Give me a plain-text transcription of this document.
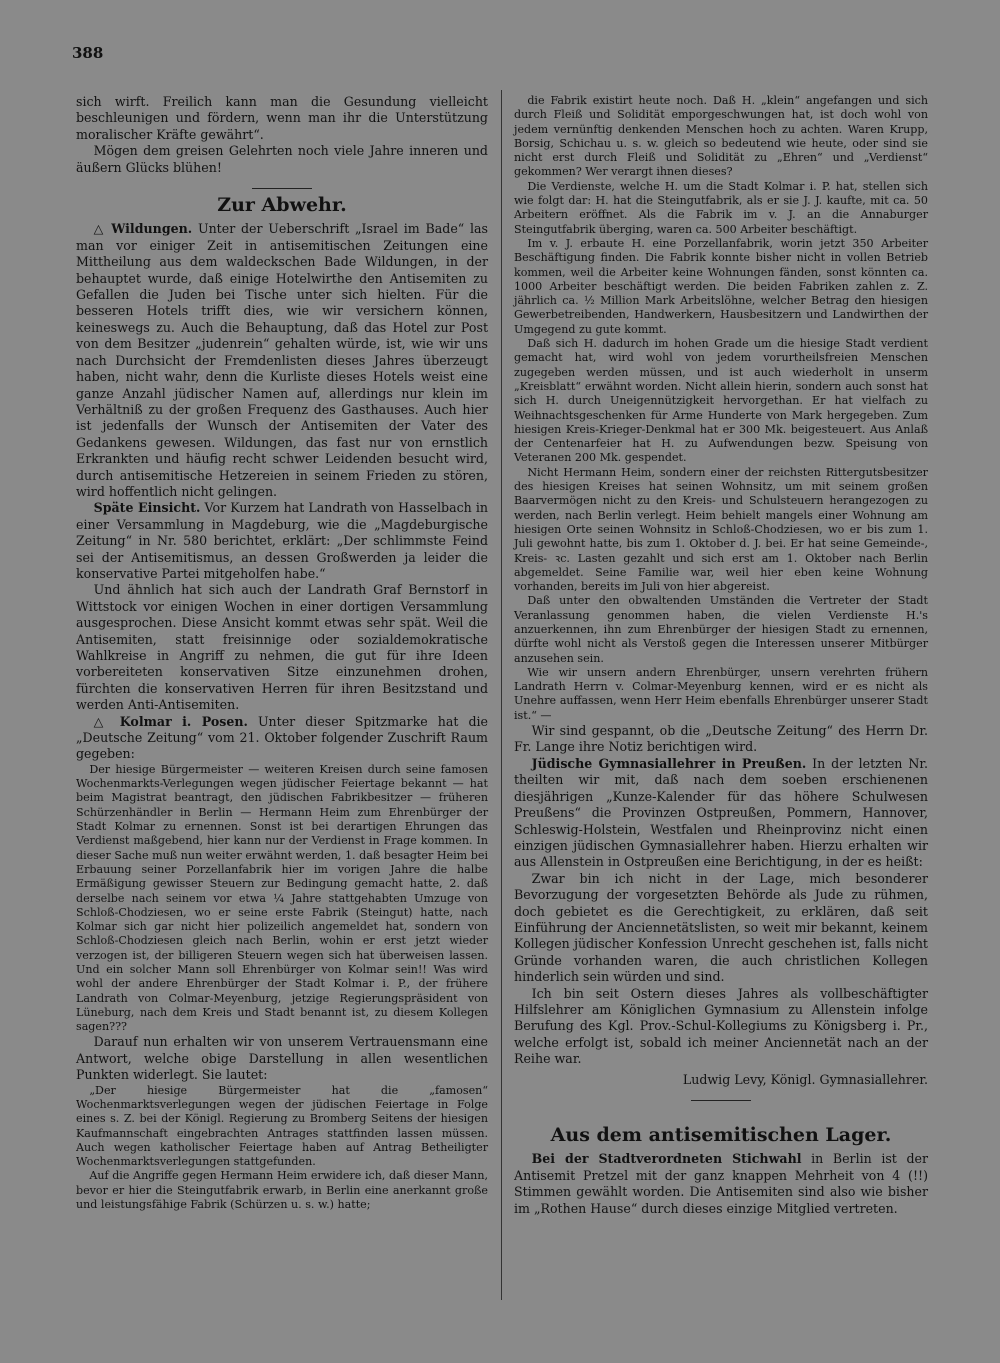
388

sich wirft. Freilich kann man die Gesundung vielleicht beschleunigen und fördern, wenn man ihr die Unterstützung moralischer Kräfte gewährt“.

Mögen dem greisen Gelehrten noch viele Jahre inneren und äußern Glücks blühen!

Zur Abwehr.

△ Wildungen. Unter der Ueberschrift „Israel im Bade“ las man vor einiger Zeit in antisemitischen Zeitungen eine Mittheilung aus dem waldeckschen Bade Wildungen, in der behauptet wurde, daß einige Hotelwirthe den Antisemiten zu Gefallen die Juden bei Tische unter sich hielten. Für die besseren Hotels trifft dies, wie wir versichern können, keineswegs zu. Auch die Behauptung, daß das Hotel zur Post von dem Besitzer „judenrein“ gehalten würde, ist, wie wir uns nach Durchsicht der Fremdenlisten dieses Jahres überzeugt haben, nicht wahr, denn die Kurliste dieses Hotels weist eine ganze Anzahl jüdischer Namen auf, allerdings nur klein im Verhältniß zu der großen Frequenz des Gasthauses. Auch hier ist jedenfalls der Wunsch der Antisemiten der Vater des Gedankens gewesen. Wildungen, das fast nur von ernstlich Erkrankten und häufig recht schwer Leidenden besucht wird, durch antisemitische Hetzereien in seinem Frieden zu stören, wird hoffentlich nicht gelingen.

Späte Einsicht. Vor Kurzem hat Landrath von Hasselbach in einer Versammlung in Magdeburg, wie die „Magdeburgische Zeitung“ in Nr. 580 berichtet, erklärt: „Der schlimmste Feind sei der Antisemitismus, an dessen Großwerden ja leider die konservative Partei mitgeholfen habe.“

Und ähnlich hat sich auch der Landrath Graf Bernstorf in Wittstock vor einigen Wochen in einer dortigen Versammlung ausgesprochen. Diese Ansicht kommt etwas sehr spät. Weil die Antisemiten, statt freisinnige oder sozialdemokratische Wahlkreise in Angriff zu nehmen, die gut für ihre Ideen vorbereiteten konservativen Sitze einzunehmen drohen, fürchten die konservativen Herren für ihren Besitzstand und werden Anti-Antisemiten.

△ Kolmar i. Posen. Unter dieser Spitzmarke hat die „Deutsche Zeitung“ vom 21. Oktober folgender Zuschrift Raum gegeben:

Der hiesige Bürgermeister — weiteren Kreisen durch seine famosen Wochenmarkts-Verlegungen wegen jüdischer Feiertage bekannt — hat beim Magistrat beantragt, den jüdischen Fabrikbesitzer — früheren Schürzenhändler in Berlin — Hermann Heim zum Ehrenbürger der Stadt Kolmar zu ernennen. Sonst ist bei derartigen Ehrungen das Verdienst maßgebend, hier kann nur der Verdienst in Frage kommen. In dieser Sache muß nun weiter erwähnt werden, 1. daß besagter Heim bei Erbauung seiner Porzellanfabrik hier im vorigen Jahre die halbe Ermäßigung gewisser Steuern zur Bedingung gemacht hatte, 2. daß derselbe nach seinem vor etwa ¼ Jahre stattgehabten Umzuge von Schloß-Chodziesen, wo er seine erste Fabrik (Steingut) hatte, nach Kolmar sich gar nicht hier polizeilich angemeldet hat, sondern von Schloß-Chodziesen gleich nach Berlin, wohin er erst jetzt wieder verzogen ist, der billigeren Steuern wegen sich hat überweisen lassen. Und ein solcher Mann soll Ehrenbürger von Kolmar sein!! Was wird wohl der andere Ehrenbürger der Stadt Kolmar i. P., der frühere Landrath von Colmar-Meyenburg, jetzige Regierungspräsident von Lüneburg, nach dem Kreis und Stadt benannt ist, zu diesem Kollegen sagen???

Darauf nun erhalten wir von unserem Vertrauensmann eine Antwort, welche obige Darstellung in allen wesentlichen Punkten widerlegt. Sie lautet:

„Der hiesige Bürgermeister hat die „famosen“ Wochenmarktsverlegungen wegen der jüdischen Feiertage in Folge eines s. Z. bei der Königl. Regierung zu Bromberg Seitens der hiesigen Kaufmannschaft eingebrachten Antrages stattfinden lassen müssen. Auch wegen katholischer Feiertage haben auf Antrag Betheiligter Wochenmarktsverlegungen stattgefunden.

Auf die Angriffe gegen Hermann Heim erwidere ich, daß dieser Mann, bevor er hier die Steingutfabrik erwarb, in Berlin eine anerkannt große und leistungsfähige Fabrik (Schürzen u. s. w.) hatte;

die Fabrik existirt heute noch. Daß H. „klein“ angefangen und sich durch Fleiß und Solidität emporgeschwungen hat, ist doch wohl von jedem vernünftig denkenden Menschen hoch zu achten. Waren Krupp, Borsig, Schichau u. s. w. gleich so bedeutend wie heute, oder sind sie nicht erst durch Fleiß und Solidität zu „Ehren“ und „Verdienst“ gekommen? Wer verargt ihnen dieses?

Die Verdienste, welche H. um die Stadt Kolmar i. P. hat, stellen sich wie folgt dar: H. hat die Steingutfabrik, als er sie J. J. kaufte, mit ca. 50 Arbeitern eröffnet. Als die Fabrik im v. J. an die Annaburger Steingutfabrik überging, waren ca. 500 Arbeiter beschäftigt.

Im v. J. erbaute H. eine Porzellanfabrik, worin jetzt 350 Arbeiter Beschäftigung finden. Die Fabrik konnte bisher nicht in vollen Betrieb kommen, weil die Arbeiter keine Wohnungen fänden, sonst könnten ca. 1000 Arbeiter beschäftigt werden. Die beiden Fabriken zahlen z. Z. jährlich ca. ½ Million Mark Arbeitslöhne, welcher Betrag den hiesigen Gewerbetreibenden, Handwerkern, Hausbesitzern und Landwirthen der Umgegend zu gute kommt.

Daß sich H. dadurch im hohen Grade um die hiesige Stadt verdient gemacht hat, wird wohl von jedem vorurtheilsfreien Menschen zugegeben werden müssen, und ist auch wiederholt in unserm „Kreisblatt“ erwähnt worden. Nicht allein hierin, sondern auch sonst hat sich H. durch Uneigennützigkeit hervorgethan. Er hat vielfach zu Weihnachtsgeschenken für Arme Hunderte von Mark hergegeben. Zum hiesigen Kreis-Krieger-Denkmal hat er 300 Mk. beigesteuert. Aus Anlaß der Centenarfeier hat H. zu Aufwendungen bezw. Speisung von Veteranen 200 Mk. gespendet.

Nicht Hermann Heim, sondern einer der reichsten Rittergutsbesitzer des hiesigen Kreises hat seinen Wohnsitz, um mit seinem großen Baarvermögen nicht zu den Kreis- und Schulsteuern herangezogen zu werden, nach Berlin verlegt. Heim behielt mangels einer Wohnung am hiesigen Orte seinen Wohnsitz in Schloß-Chodziesen, wo er bis zum 1. Juli gewohnt hatte, bis zum 1. Oktober d. J. bei. Er hat seine Gemeinde-, Kreis- ꝛc. Lasten gezahlt und sich erst am 1. Oktober nach Berlin abgemeldet. Seine Familie war, weil hier eben keine Wohnung vorhanden, bereits im Juli von hier abgereist.

Daß unter den obwaltenden Umständen die Vertreter der Stadt Veranlassung genommen haben, die vielen Verdienste H.'s anzuerkennen, ihn zum Ehrenbürger der hiesigen Stadt zu ernennen, dürfte wohl nicht als Verstoß gegen die Interessen unserer Mitbürger anzusehen sein.

Wie wir unsern andern Ehrenbürger, unsern verehrten frühern Landrath Herrn v. Colmar-Meyenburg kennen, wird er es nicht als Unehre auffassen, wenn Herr Heim ebenfalls Ehrenbürger unserer Stadt ist.“ —

Wir sind gespannt, ob die „Deutsche Zeitung“ des Herrn Dr. Fr. Lange ihre Notiz berichtigen wird.

Jüdische Gymnasiallehrer in Preußen. In der letzten Nr. theilten wir mit, daß nach dem soeben erschienenen diesjährigen „Kunze-Kalender für das höhere Schulwesen Preußens“ die Provinzen Ostpreußen, Pommern, Hannover, Schleswig-Holstein, Westfalen und Rheinprovinz nicht einen einzigen jüdischen Gymnasiallehrer haben. Hierzu erhalten wir aus Allenstein in Ostpreußen eine Berichtigung, in der es heißt:

Zwar bin ich nicht in der Lage, mich besonderer Bevorzugung der vorgesetzten Behörde als Jude zu rühmen, doch gebietet es die Gerechtigkeit, zu erklären, daß seit Einführung der Anciennetätslisten, so weit mir bekannt, keinem Kollegen jüdischer Konfession Unrecht geschehen ist, falls nicht Gründe vorhanden waren, die auch christlichen Kollegen hinderlich sein würden und sind.

Ich bin seit Ostern dieses Jahres als vollbeschäftigter Hilfslehrer am Königlichen Gymnasium zu Allenstein infolge Berufung des Kgl. Prov.-Schul-Kollegiums zu Königsberg i. Pr., welche erfolgt ist, sobald ich meiner Anciennetät nach an der Reihe war.

Ludwig Levy, Königl. Gymnasiallehrer.
Aus dem antisemitischen Lager.

Bei der Stadtverordneten Stichwahl in Berlin ist der Antisemit Pretzel mit der ganz knappen Mehrheit von 4 (!!) Stimmen gewählt worden. Die Antisemiten sind also wie bisher im „Rothen Hause“ durch dieses einzige Mitglied vertreten.
